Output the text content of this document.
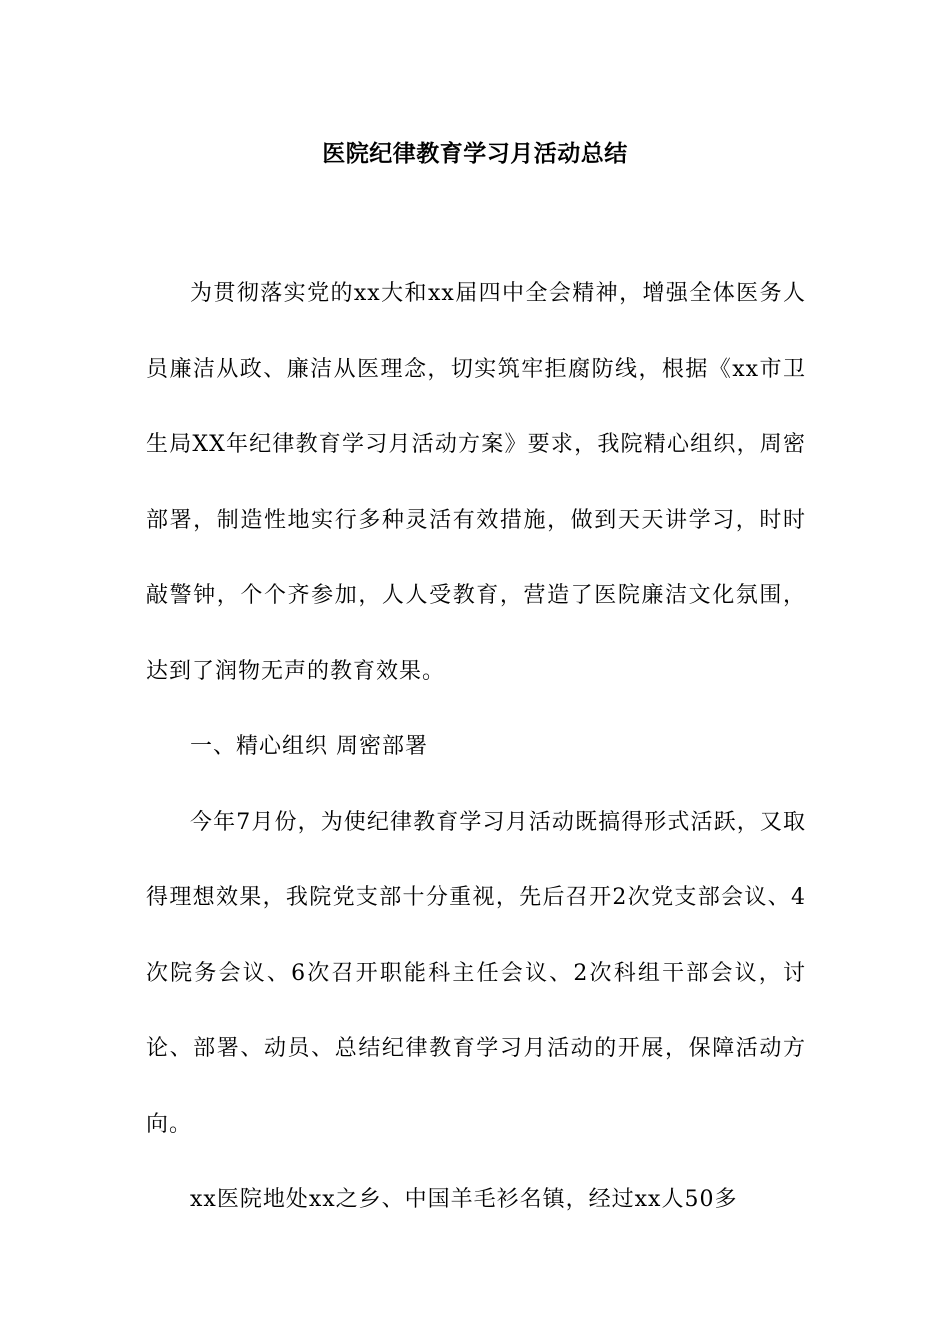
医院纪律教育学习月活动总结

为贯彻落实党的xx大和xx届四中全会精神，增强全体医务人员廉洁从政、廉洁从医理念，切实筑牢拒腐防线，根据《xx市卫生局XX年纪律教育学习月活动方案》要求，我院精心组织，周密部署，制造性地实行多种灵活有效措施，做到天天讲学习，时时敲警钟，个个齐参加，人人受教育，营造了医院廉洁文化氛围，达到了润物无声的教育效果。

一、精心组织 周密部署

今年7月份，为使纪律教育学习月活动既搞得形式活跃，又取得理想效果，我院党支部十分重视，先后召开2次党支部会议、4次院务会议、6次召开职能科主任会议、2次科组干部会议，讨论、部署、动员、总结纪律教育学习月活动的开展，保障活动方向。

xx医院地处xx之乡、中国羊毛衫名镇，经过xx人50多
